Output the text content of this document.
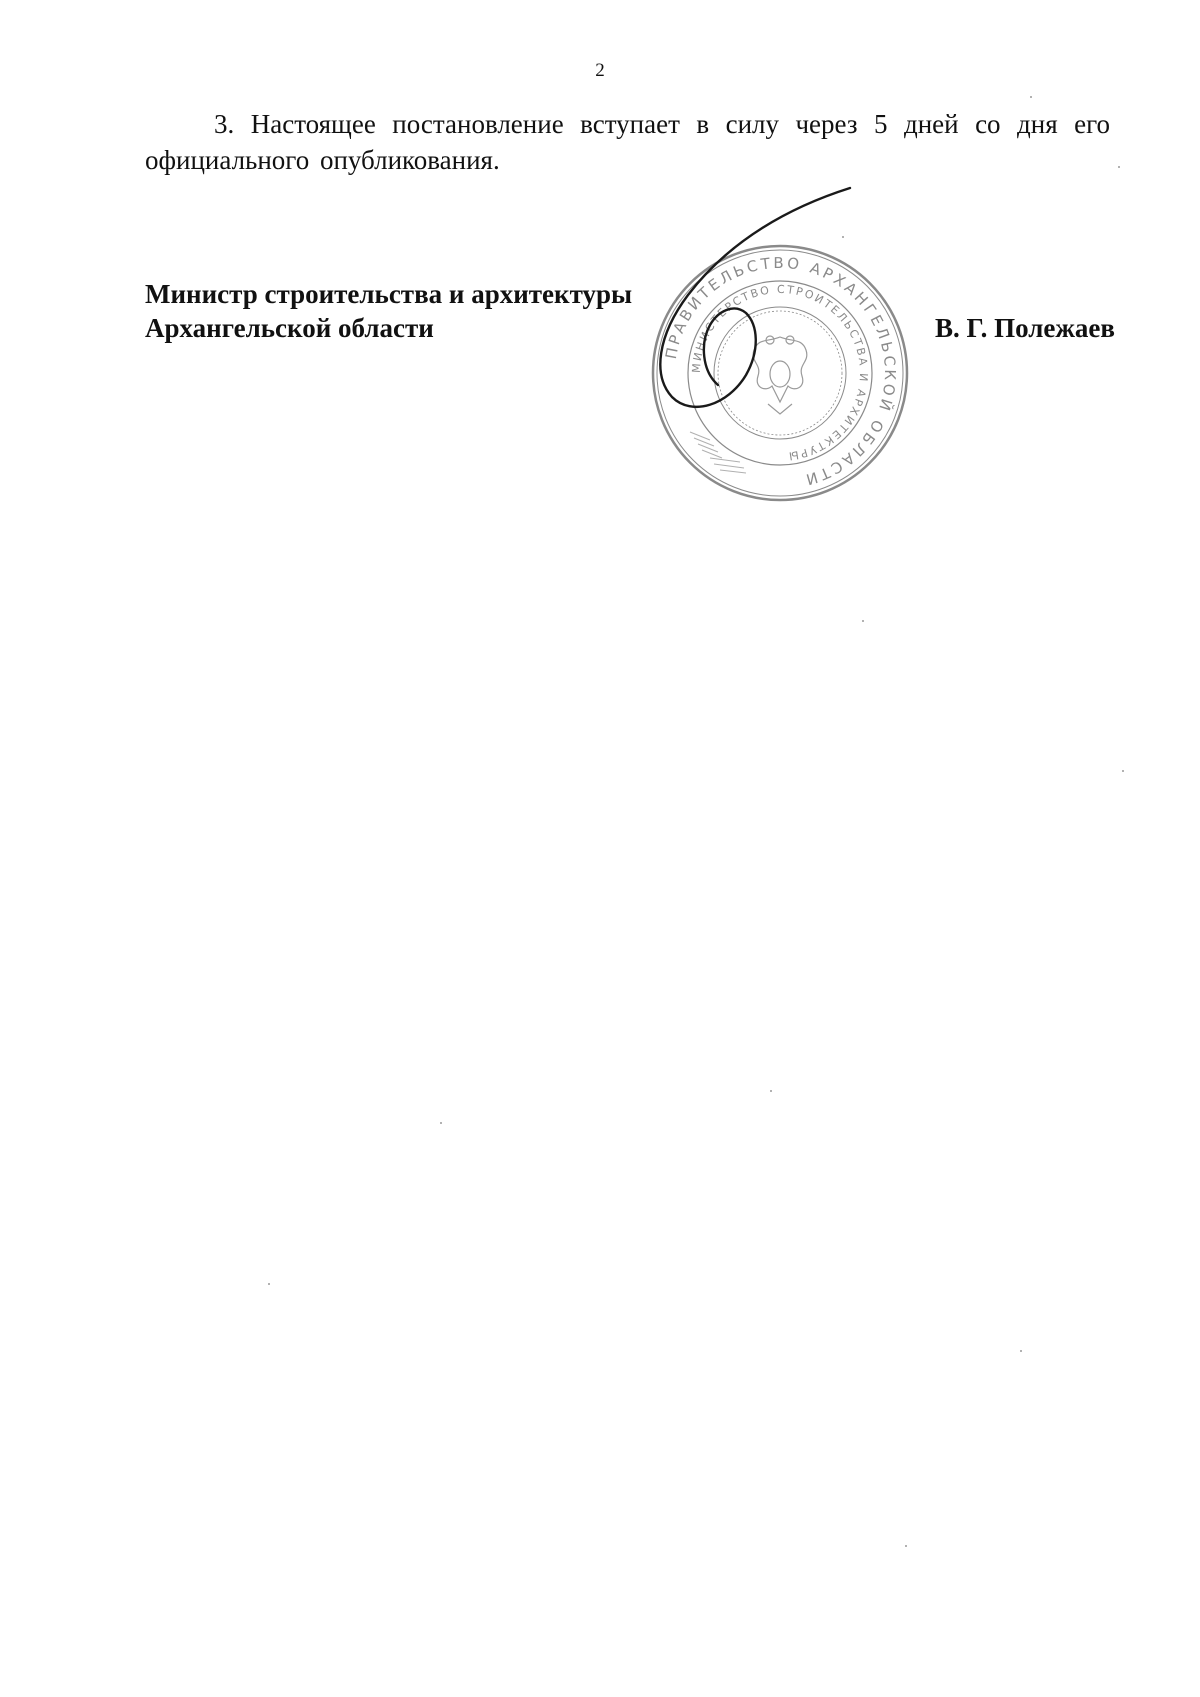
2

3. Настоящее постановление вступает в силу через 5 дней со дня его официального опубликования.

ПРАВИТЕЛЬСТВО АРХАНГЕЛЬСКОЙ ОБЛАСТИ
МИНИСТЕРСТВО СТРОИТЕЛЬСТВА И АРХИТЕКТУРЫ
Министр строительства и архитектуры
Архангельской области	В. Г. Полежаев
